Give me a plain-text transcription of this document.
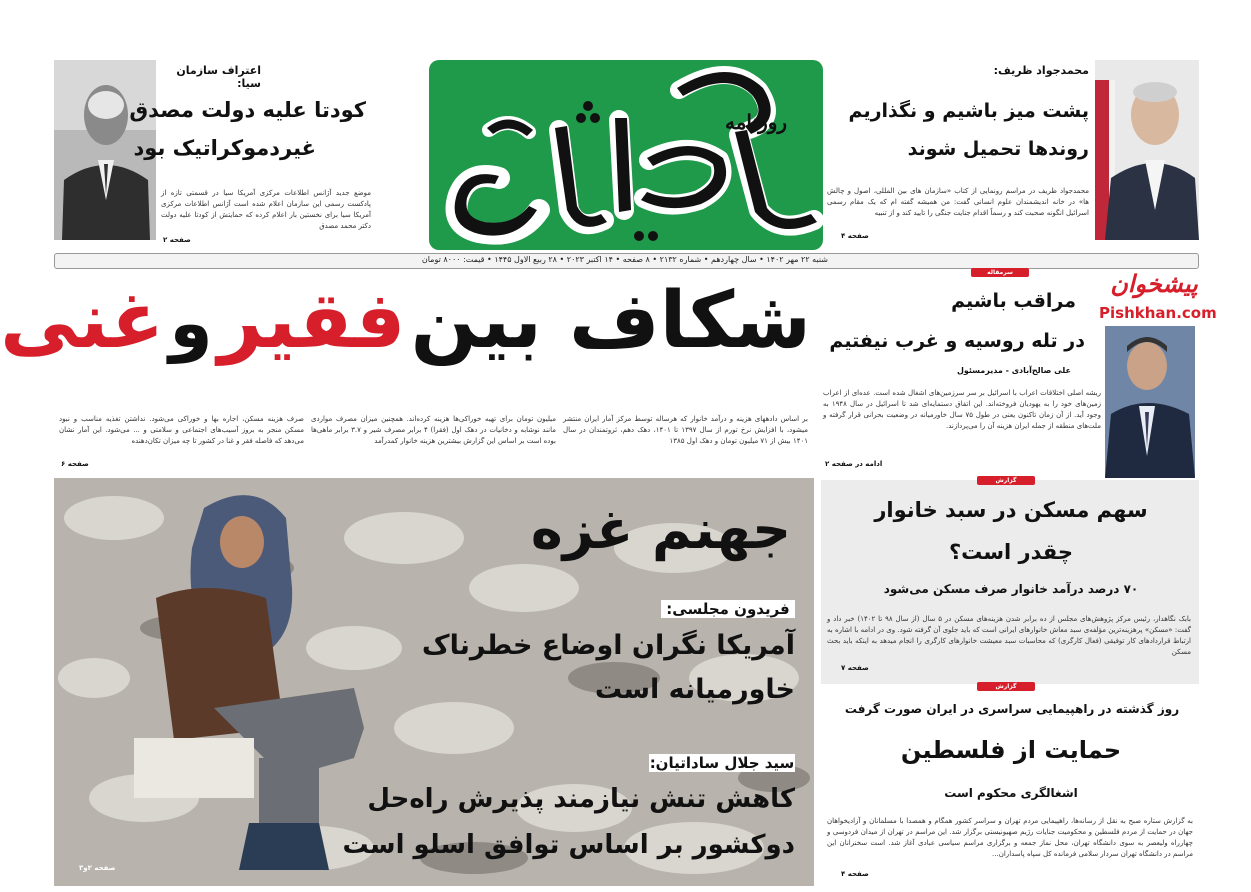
اعتراف سازمان سیا:
کودتا علیه دولت مصدق
غیردموکراتیک بود
موضع جدید آژانس اطلاعات مرکزی آمریکا سیا در قسمتی تازه از پادکست رسمی این سازمان اعلام شده است آژانس اطلاعات مرکزی آمریکا سیا برای نخستین بار اعلام کرده که حمایتش از کودتا علیه دولت دکتر محمد مصدق
صفحه ۲
روزنامه
محمدجواد ظریف:
پشت میز باشیم و نگذاریم
روندها تحمیل شوند
محمدجواد ظریف در مراسم رونمایی از کتاب «سازمان های بین المللی، اصول و چالش ها» در خانه اندیشمندان علوم انسانی گفت: من همیشه گفته ام که یک مقام رسمی اسرائیل انگونه صحبت کند و رسماً اقدام جنایت جنگی را تایید کند و از تنبیه
صفحه ۴
شنبه ۲۲ مهر ۱۴۰۲ • سال چهاردهم • شماره ۲۱۳۲ • ۸ صفحه • ۱۴ اکتبر ۲۰۲۳ • ۲۸ ربیع الاول ۱۴۴۵ • قیمت: ۸۰۰۰ تومان
شکاف بین فقیر و غنی
بر اساس دادههای هزینه و درآمد خانوار که هرساله توسط مرکز آمار ایران منتشر میشود، با افزایش نرخ تورم از سال ۱۳۹۷ تا ۱۴۰۱، دهک دهم، ثروتمندان در سال ۱۴۰۱ بیش از ۷۱ میلیون تومان و دهک اول ۱۳۸۵
میلیون تومان برای تهیه خوراکی‌ها هزینه کرده‌اند. همچنین میزان مصرف مواردی مانند نوشابه و دخانیات در دهک اول (فقرا) ۴ برابر مصرف شیر و ۳.۷ برابر ماهی‌ها بوده است بر اساس این گزارش بیشترین هزینه خانوار کمدرآمد
صرف هزینه مسکن، اجاره بها و خوراکی می‌شود. نداشتن تغذیه مناسب و نبود مسکن منجر به بروز آسیب‌های اجتماعی و سلامتی و ... می‌شود. این آمار نشان می‌دهد که فاصله فقر و غنا در کشور تا چه میزان تکان‌دهنده
صفحه ۶
پیشخوان
Pishkhan.com
سرمقاله
مراقب باشیم
در تله روسیه و غرب نیفتیم
علی صالح‌آبادی - مدیرمسئول
ریشه اصلی اختلافات اعراب با اسرائیل بر سر سرزمین‌های اشغال شده است. عده‌ای از اعراب زمین‌های خود را به یهودیان فروخته‌اند. این اتفاق دستمایه‌ای شد تا اسرائیل در سال ۱۹۴۸ به وجود آید. از آن زمان تاکنون یعنی در طول ۷۵ سال خاورمیانه در وضعیت بحرانی قرار گرفته و ملت‌های منطقه از جمله ایران هزینه آن را می‌پردازند.
ادامه در صفحه ۲
جهنم غزه
فریدون مجلسی:
آمریکا نگران اوضاع خطرناک
خاورمیانه است
سید جلال ساداتیان:
کاهش تنش نیازمند پذیرش راه‌حل
دوکشور بر اساس توافق اسلو است
صفحه ۲و۳
گزارش
سهم مسکن در سبد خانوار
چقدر است؟
۷۰ درصد درآمد خانوار صرف مسکن می‌شود
بابک نگاهدار، رئیس مرکز پژوهش‌های مجلس از ده برابر شدن هزینه‌های مسکن در ۵ سال (از سال ۹۸ تا ۱۴۰۲) خبر داد و گفت: «مسکن» پرهزینه‌ترین مؤلفه‌ی سبد معاش خانوارهای ایرانی است که باید جلوی آن گرفته شود. وی در ادامه با اشاره به ارتباط قراردادهای کار توفیقی (فعال کارگری) که محاسبات سبد معیشت خانوارهای کارگری را انجام میدهد به اینکه باید بحث مسکن
صفحه ۷
گزارش
روز گذشته در راهپیمایی سراسری در ایران صورت گرفت
حمایت از فلسطین
اشغالگری محکوم است
به گزارش ستاره صبح به نقل از رسانه‌ها، راهپیمایی مردم تهران و سراسر کشور همگام و همصدا با مسلمانان و آزادیخواهان جهان در حمایت از مردم فلسطین و محکومیت جنایات رژیم صهیونیستی برگزار شد. این مراسم در تهران از میدان فردوسی و چهارراه ولیعصر به سوی دانشگاه تهران، محل نماز جمعه و برگزاری مراسم سیاسی عبادی آغاز شد. است سخنرانان این مراسم در دانشگاه تهران سردار سلامی فرمانده کل سپاه پاسداران...
صفحه ۴
